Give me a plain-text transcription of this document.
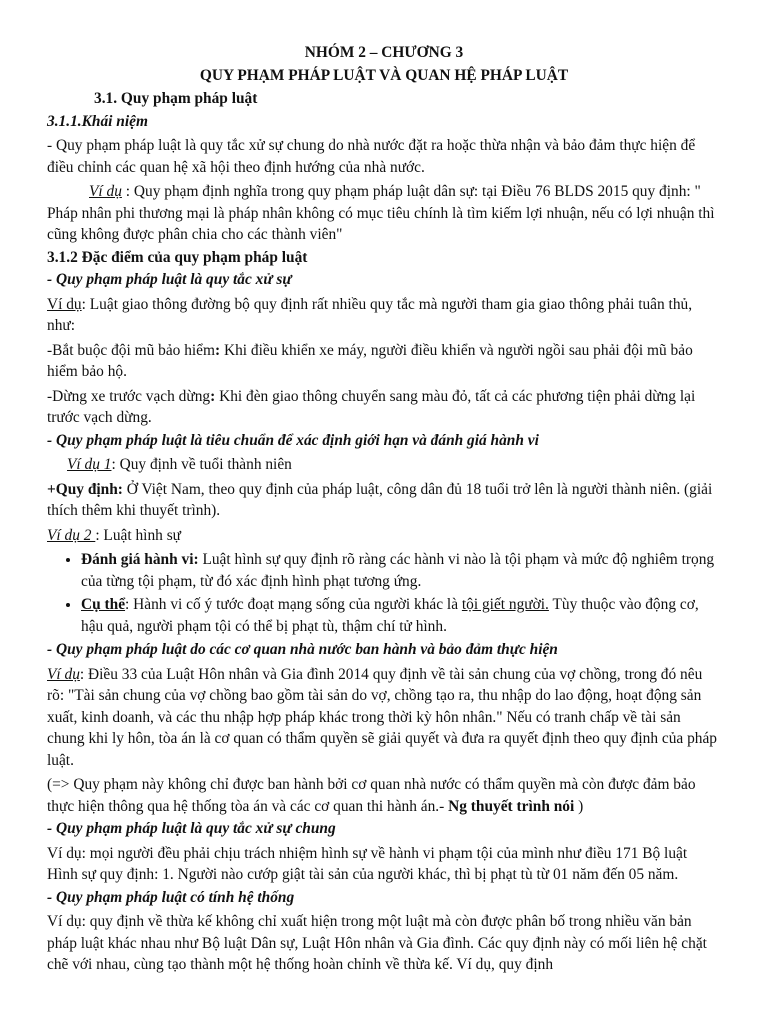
NHÓM 2 – CHƯƠNG 3

QUY PHẠM PHÁP LUẬT VÀ QUAN HỆ PHÁP LUẬT

3.1. Quy phạm pháp luật

3.1.1.Khái niệm

- Quy phạm pháp luật là quy tắc xử sự chung do nhà nước đặt ra hoặc thừa nhận và bảo đảm thực hiện để điều chỉnh các quan hệ xã hội theo định hướng của nhà nước.

Ví dụ : Quy phạm định nghĩa trong quy phạm pháp luật dân sự: tại Điều 76 BLDS 2015 quy định: " Pháp nhân phi thương mại là pháp nhân không có mục tiêu chính là tìm kiếm lợi nhuận, nếu có lợi nhuận thì cũng không được phân chia cho các thành viên"

3.1.2 Đặc điểm của quy phạm pháp luật

- Quy phạm pháp luật là quy tắc xử sự

Ví dụ: Luật giao thông đường bộ quy định rất nhiều quy tắc mà người tham gia giao thông phải tuân thủ, như:

-Bắt buộc đội mũ bảo hiểm: Khi điều khiển xe máy, người điều khiển và người ngồi sau phải đội mũ bảo hiểm bảo hộ.

-Dừng xe trước vạch dừng: Khi đèn giao thông chuyển sang màu đỏ, tất cả các phương tiện phải dừng lại trước vạch dừng.

- Quy phạm pháp luật là tiêu chuẩn để xác định giới hạn và đánh giá hành vi

Ví dụ 1: Quy định về tuổi thành niên

+Quy định: Ở Việt Nam, theo quy định của pháp luật, công dân đủ 18 tuổi trở lên là người thành niên. (giải thích thêm khi thuyết trình).

Ví dụ 2 : Luật hình sự

• Đánh giá hành vi: Luật hình sự quy định rõ ràng các hành vi nào là tội phạm và mức độ nghiêm trọng của từng tội phạm, từ đó xác định hình phạt tương ứng.
• Cụ thể: Hành vi cố ý tước đoạt mạng sống của người khác là tội giết người. Tùy thuộc vào động cơ, hậu quả, người phạm tội có thể bị phạt tù, thậm chí tử hình.

- Quy phạm pháp luật do các cơ quan nhà nước ban hành và bảo đảm thực hiện

Ví dụ: Điều 33 của Luật Hôn nhân và Gia đình 2014 quy định về tài sản chung của vợ chồng, trong đó nêu rõ: "Tài sản chung của vợ chồng bao gồm tài sản do vợ, chồng tạo ra, thu nhập do lao động, hoạt động sản xuất, kinh doanh, và các thu nhập hợp pháp khác trong thời kỳ hôn nhân." Nếu có tranh chấp về tài sản chung khi ly hôn, tòa án là cơ quan có thẩm quyền sẽ giải quyết và đưa ra quyết định theo quy định của pháp luật.

(=> Quy phạm này không chỉ được ban hành bởi cơ quan nhà nước có thẩm quyền mà còn được đảm bảo thực hiện thông qua hệ thống tòa án và các cơ quan thi hành án.- Ng thuyết trình nói )

- Quy phạm pháp luật là quy tắc xử sự chung

Ví dụ: mọi người đều phải chịu trách nhiệm hình sự về hành vi phạm tội của mình như điều 171 Bộ luật Hình sự quy định: 1. Người nào cướp giật tài sản của người khác, thì bị phạt tù từ 01 năm đến 05 năm.

- Quy phạm pháp luật có tính hệ thống

Ví dụ: quy định về thừa kế không chỉ xuất hiện trong một luật mà còn được phân bố trong nhiều văn bản pháp luật khác nhau như Bộ luật Dân sự, Luật Hôn nhân và Gia đình. Các quy định này có mối liên hệ chặt chẽ với nhau, cùng tạo thành một hệ thống hoàn chỉnh về thừa kế. Ví dụ, quy định
